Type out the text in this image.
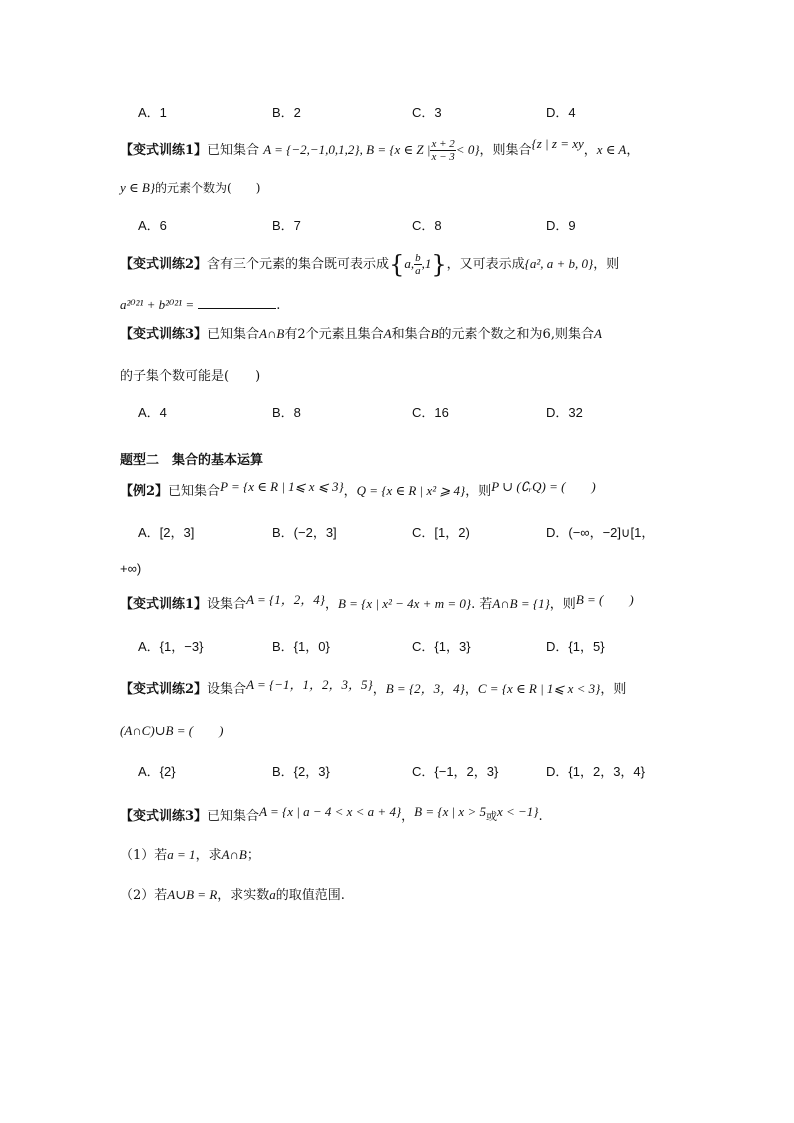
A．1	B．2	C．3	D．4
【变式训练1】已知集合 A = {−2,−1,0,1,2}, B = {x ∈ Z | $\frac{x + 2}{x - 3} < 0$}，则集合{z | z = xy，x ∈ A，
y ∈ B}的元素个数为(　　)
A．6	B．7	C．8	D．9
【变式训练2】含有三个元素的集合既可表示成{a, $\frac{b}{a} ,1$}，又可表示成{a², a + b, 0}，则
a²⁰²¹ + b²⁰²¹ =	.
【变式训练3】已知集合A∩B有2个元素且集合A和集合B的元素个数之和为6,则集合A
的子集个数可能是(　　)
A．4	B．8	C．16	D．32
题型二　集合的基本运算
【例2】已知集合P = {x ∈ R | 1⩽ x ⩽ 3}，Q = {x ∈ R | x² ⩾ 4}，则P ∪ (∁ᵣQ) = (　　)
A．[2，3]	B．(−2，3]	C．[1，2)	D．(−∞，−2]∪[1，
+∞)
【变式训练1】设集合A = {1，2，4}，B = {x | x² − 4x + m = 0}. 若A∩B = {1}，则B = (　　)
A．{1，−3}	B．{1，0}	C．{1，3}	D．{1，5}
【变式训练2】设集合A = {−1，1，2，3，5}，B = {2，3，4}，C = {x ∈ R | 1⩽ x < 3}，则
(A∩C)∪B = (　　)
A．{2}	B．{2，3}	C．{−1，2，3}	D．{1，2，3，4}
【变式训练3】已知集合A = {x | a − 4 < x < a + 4}，B = {x | x > 5或x < −1}.
（1）若a = 1，求A∩B；
（2）若A∪B = R，求实数a的取值范围.
